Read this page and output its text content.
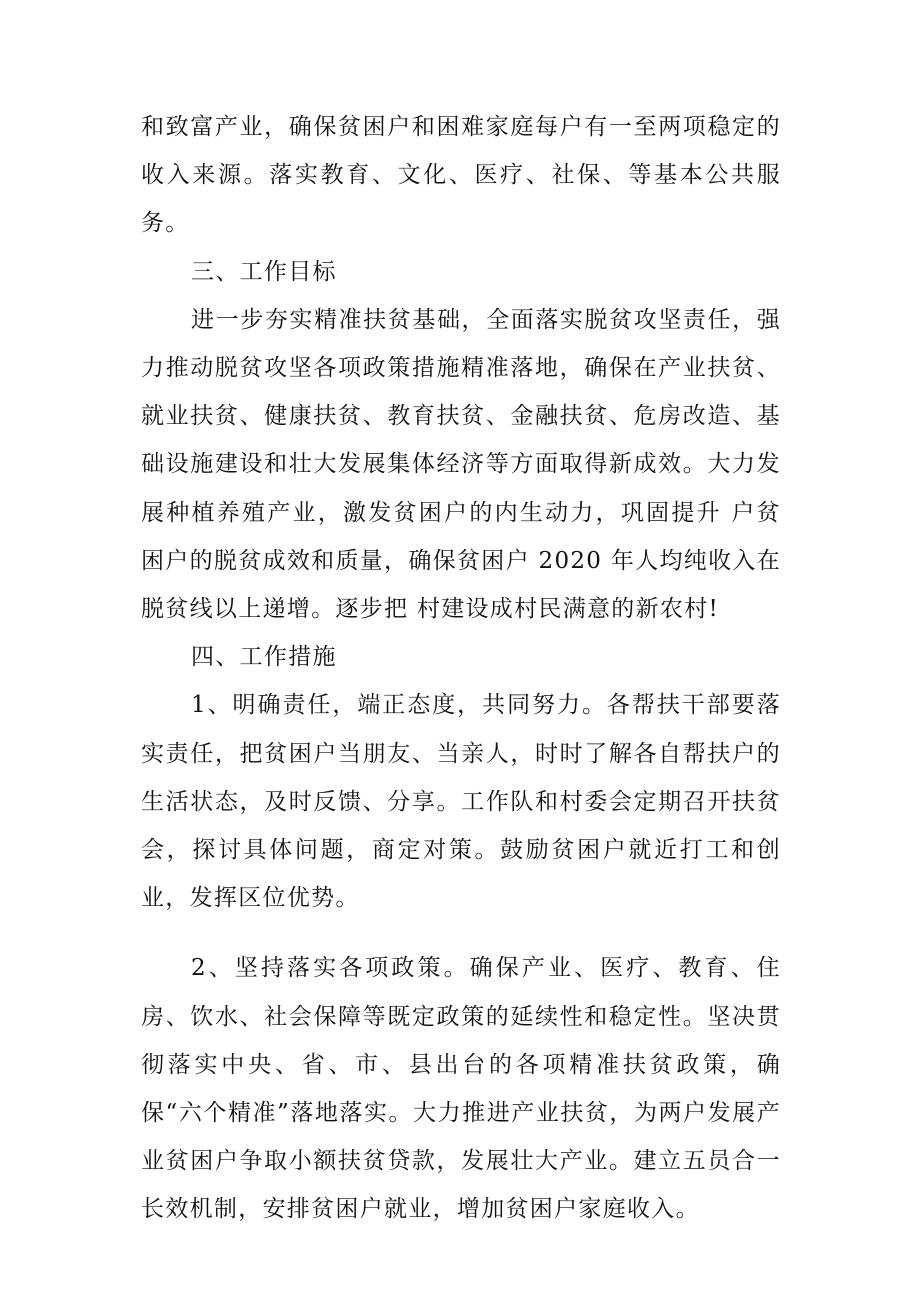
和致富产业，确保贫困户和困难家庭每户有一至两项稳定的收入来源。落实教育、文化、医疗、社保、等基本公共服务。

三、工作目标

进一步夯实精准扶贫基础，全面落实脱贫攻坚责任，强力推动脱贫攻坚各项政策措施精准落地，确保在产业扶贫、就业扶贫、健康扶贫、教育扶贫、金融扶贫、危房改造、基础设施建设和壮大发展集体经济等方面取得新成效。大力发展种植养殖产业，激发贫困户的内生动力，巩固提升 户贫困户的脱贫成效和质量，确保贫困户 2020 年人均纯收入在脱贫线以上递增。逐步把 村建设成村民满意的新农村!

四、工作措施

1、明确责任，端正态度，共同努力。各帮扶干部要落实责任，把贫困户当朋友、当亲人，时时了解各自帮扶户的生活状态，及时反馈、分享。工作队和村委会定期召开扶贫会，探讨具体问题，商定对策。鼓励贫困户就近打工和创业，发挥区位优势。

2、坚持落实各项政策。确保产业、医疗、教育、住房、饮水、社会保障等既定政策的延续性和稳定性。坚决贯彻落实中央、省、市、县出台的各项精准扶贫政策，确保“六个精准”落地落实。大力推进产业扶贫，为两户发展产业贫困户争取小额扶贫贷款，发展壮大产业。建立五员合一长效机制，安排贫困户就业，增加贫困户家庭收入。
